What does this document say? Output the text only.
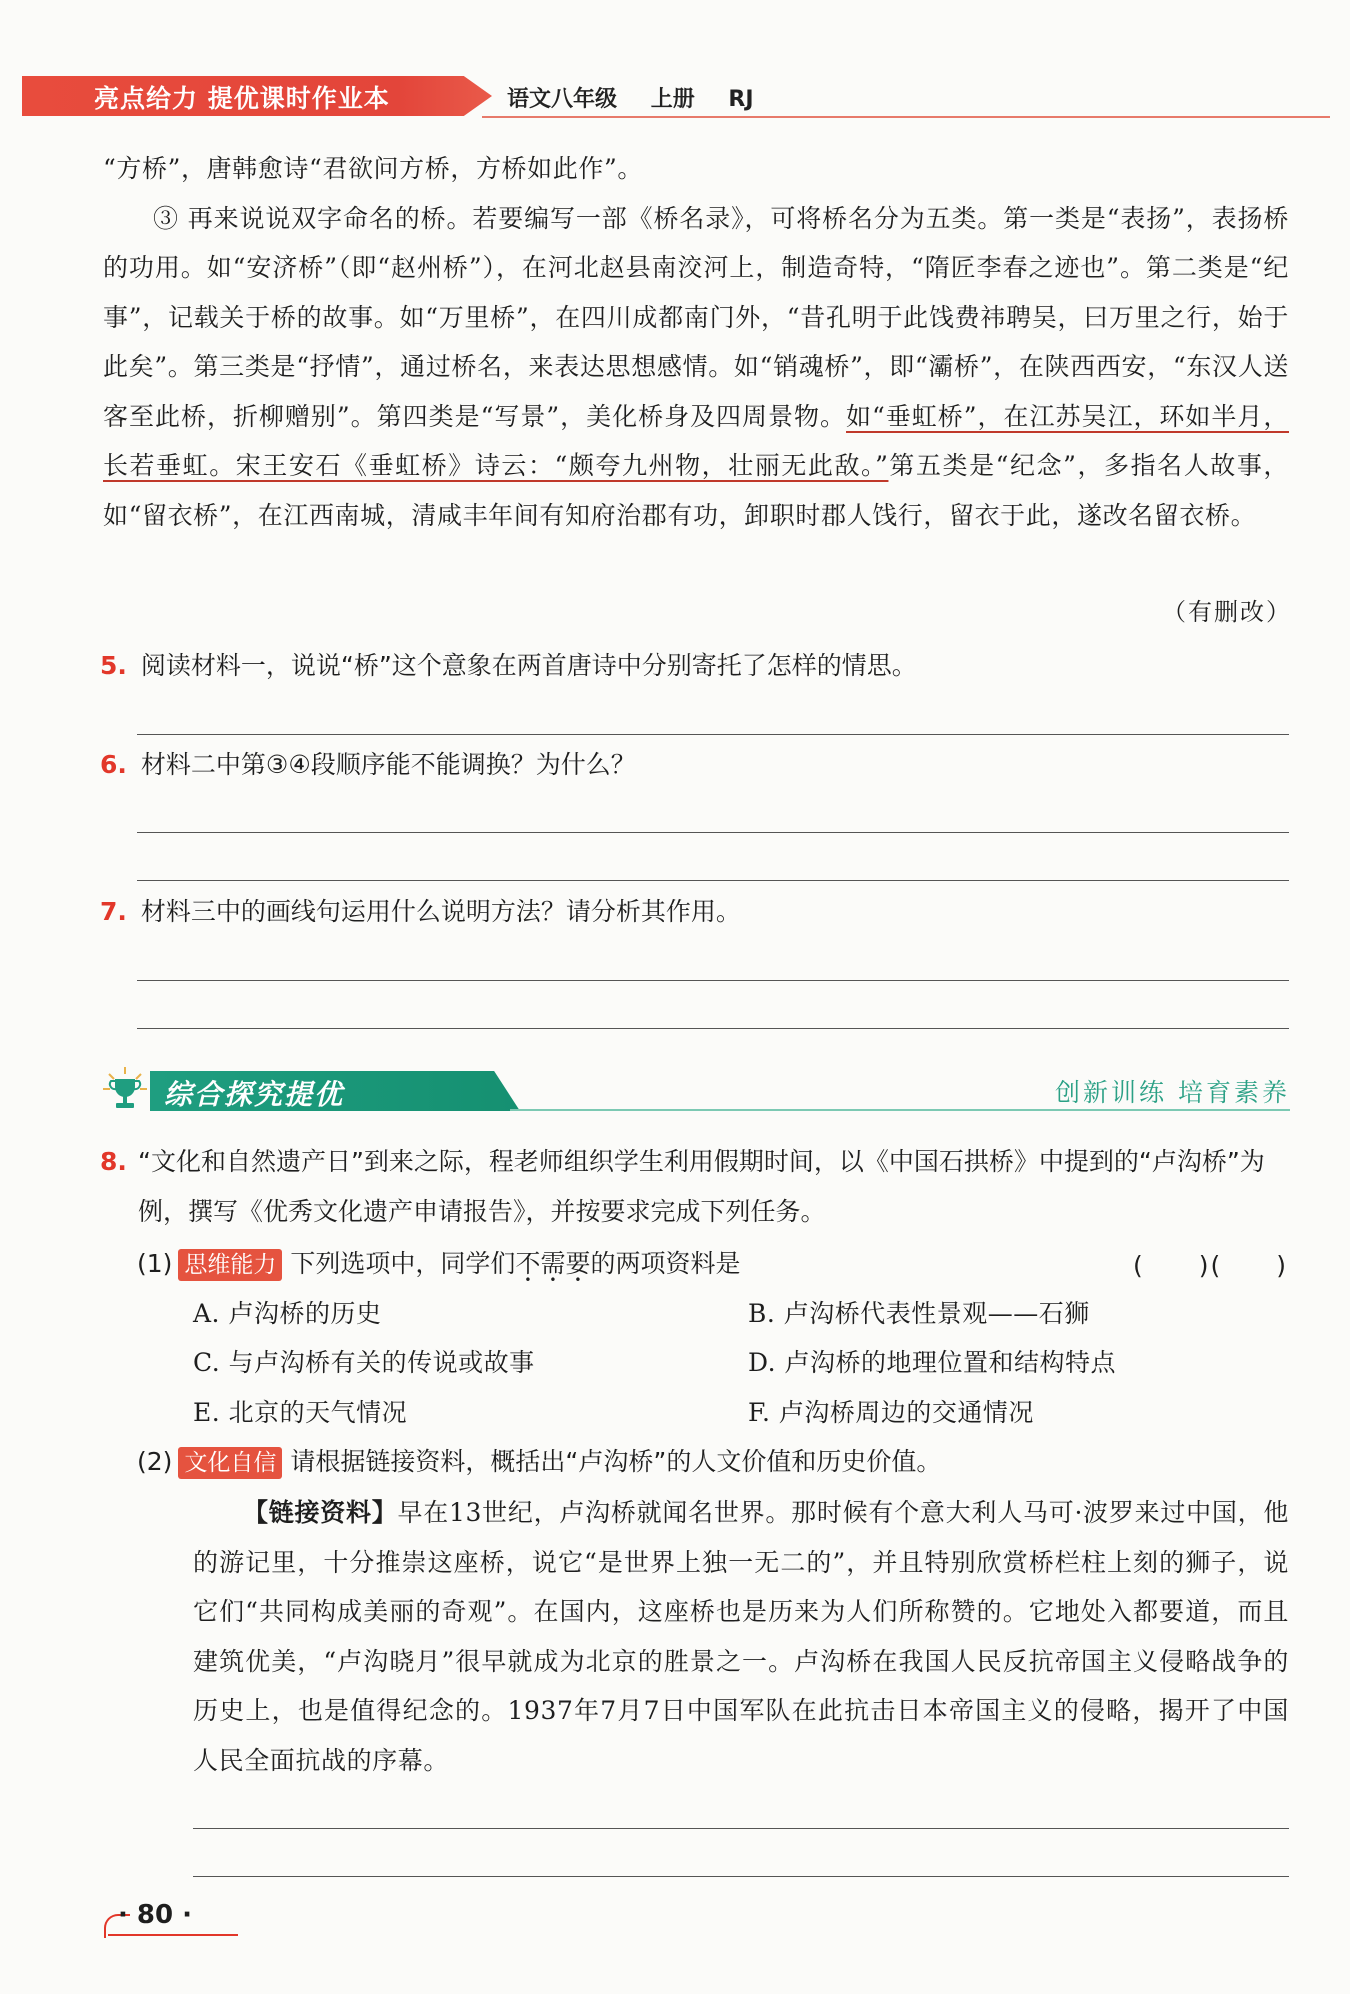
亮点给力 提优课时作业本	语文八年级 上册 RJ

“方桥”，唐韩愈诗“君欲问方桥，方桥如此作”。

③ 再来说说双字命名的桥。若要编写一部《桥名录》，可将桥名分为五类。第一类是“表扬”，表扬桥的功用。如“安济桥”（即“赵州桥”），在河北赵县南洨河上，制造奇特，“隋匠李春之迹也”。第二类是“纪事”，记载关于桥的故事。如“万里桥”，在四川成都南门外，“昔孔明于此饯费祎聘吴，曰万里之行，始于此矣”。第三类是“抒情”，通过桥名，来表达思想感情。如“销魂桥”，即“灞桥”，在陕西西安，“东汉人送客至此桥，折柳赠别”。第四类是“写景”，美化桥身及四周景物。如“垂虹桥”，在江苏吴江，环如半月，长若垂虹。宋王安石《垂虹桥》诗云：“颇夸九州物，壮丽无此敌。”第五类是“纪念”，多指名人故事，如“留衣桥”，在江西南城，清咸丰年间有知府治郡有功，卸职时郡人饯行，留衣于此，遂改名留衣桥。

（有删改）
5. 阅读材料一，说说“桥”这个意象在两首唐诗中分别寄托了怎样的情思。
6. 材料二中第③④段顺序能不能调换？为什么？
7. 材料三中的画线句运用什么说明方法？请分析其作用。
综合探究提优	创新训练 培育素养
8. “文化和自然遗产日”到来之际，程老师组织学生利用假期时间，以《中国石拱桥》中提到的“卢沟桥”为例，撰写《优秀文化遗产申请报告》，并按要求完成下列任务。
(1) 思维能力 下列选项中，同学们不需要的两项资料是	(　　)(　　)
A. 卢沟桥的历史	B. 卢沟桥代表性景观——石狮
C. 与卢沟桥有关的传说或故事	D. 卢沟桥的地理位置和结构特点
E. 北京的天气情况	F. 卢沟桥周边的交通情况
(2) 文化自信 请根据链接资料，概括出“卢沟桥”的人文价值和历史价值。

【链接资料】早在13世纪，卢沟桥就闻名世界。那时候有个意大利人马可·波罗来过中国，他的游记里，十分推崇这座桥，说它“是世界上独一无二的”，并且特别欣赏桥栏柱上刻的狮子，说它们“共同构成美丽的奇观”。在国内，这座桥也是历来为人们所称赞的。它地处入都要道，而且建筑优美，“卢沟晓月”很早就成为北京的胜景之一。卢沟桥在我国人民反抗帝国主义侵略战争的历史上，也是值得纪念的。1937年7月7日中国军队在此抗击日本帝国主义的侵略，揭开了中国人民全面抗战的序幕。

· 80 ·
